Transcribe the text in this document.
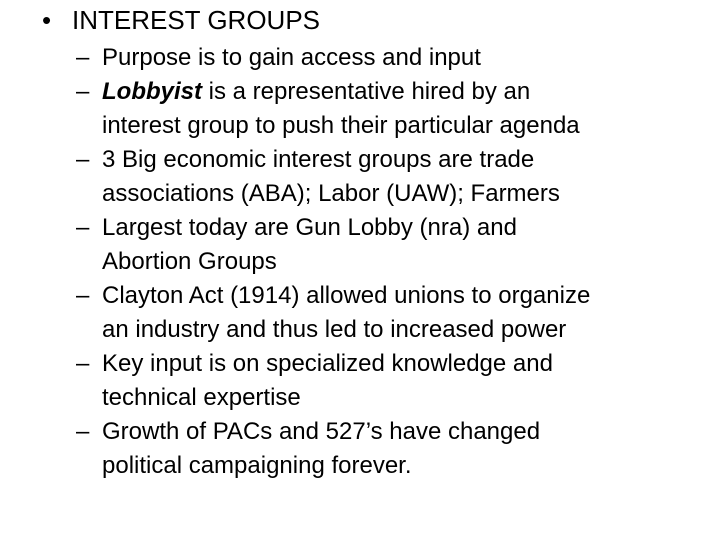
• INTEREST GROUPS
– Purpose is to gain access and input
– Lobbyist is a representative hired by an
interest group to push their particular agenda
– 3 Big economic interest groups are trade
associations (ABA); Labor (UAW); Farmers
– Largest today are Gun Lobby (nra) and
Abortion Groups
– Clayton Act (1914) allowed unions to organize
an industry and thus led to increased power
– Key input is on specialized knowledge and
technical expertise
– Growth of PACs and 527’s have changed
political campaigning forever.
